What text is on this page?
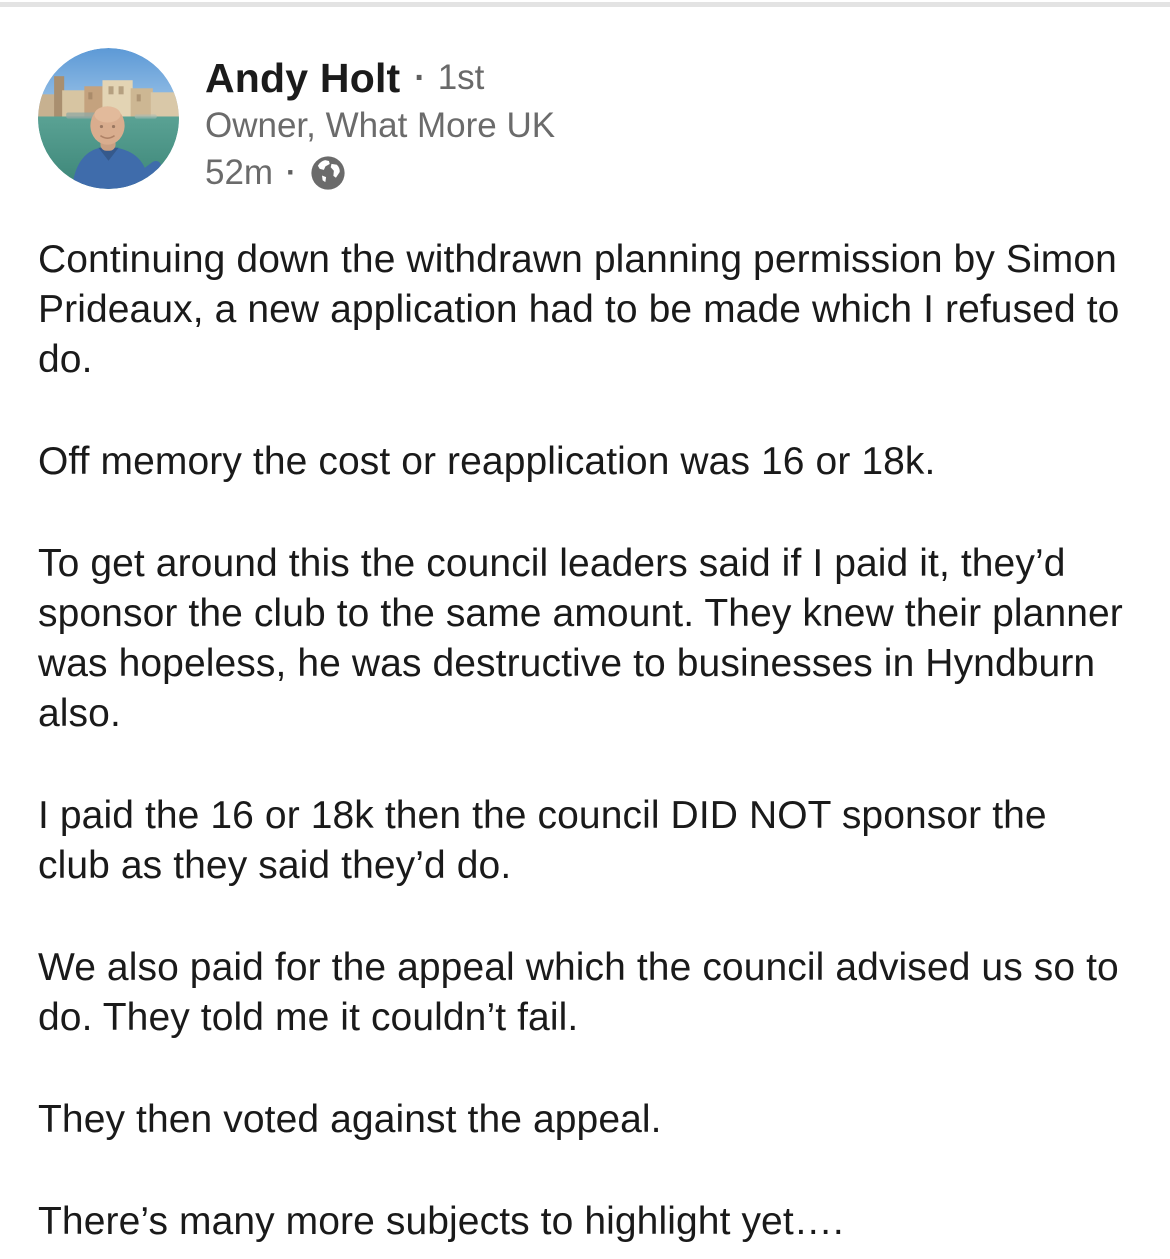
Andy Holt · 1st
Owner, What More UK
52m ·

Continuing down the withdrawn planning permission by Simon Prideaux, a new application had to be made which I refused to do.

Off memory the cost or reapplication was 16 or 18k.

To get around this the council leaders said if I paid it, they’d sponsor the club to the same amount. They knew their planner was hopeless, he was destructive to businesses in Hyndburn also.

I paid the 16 or 18k then the council DID NOT sponsor the club as they said they’d do.

We also paid for the appeal which the council advised us so to do. They told me it couldn’t fail.

They then voted against the appeal.

There’s many more subjects to highlight yet….
